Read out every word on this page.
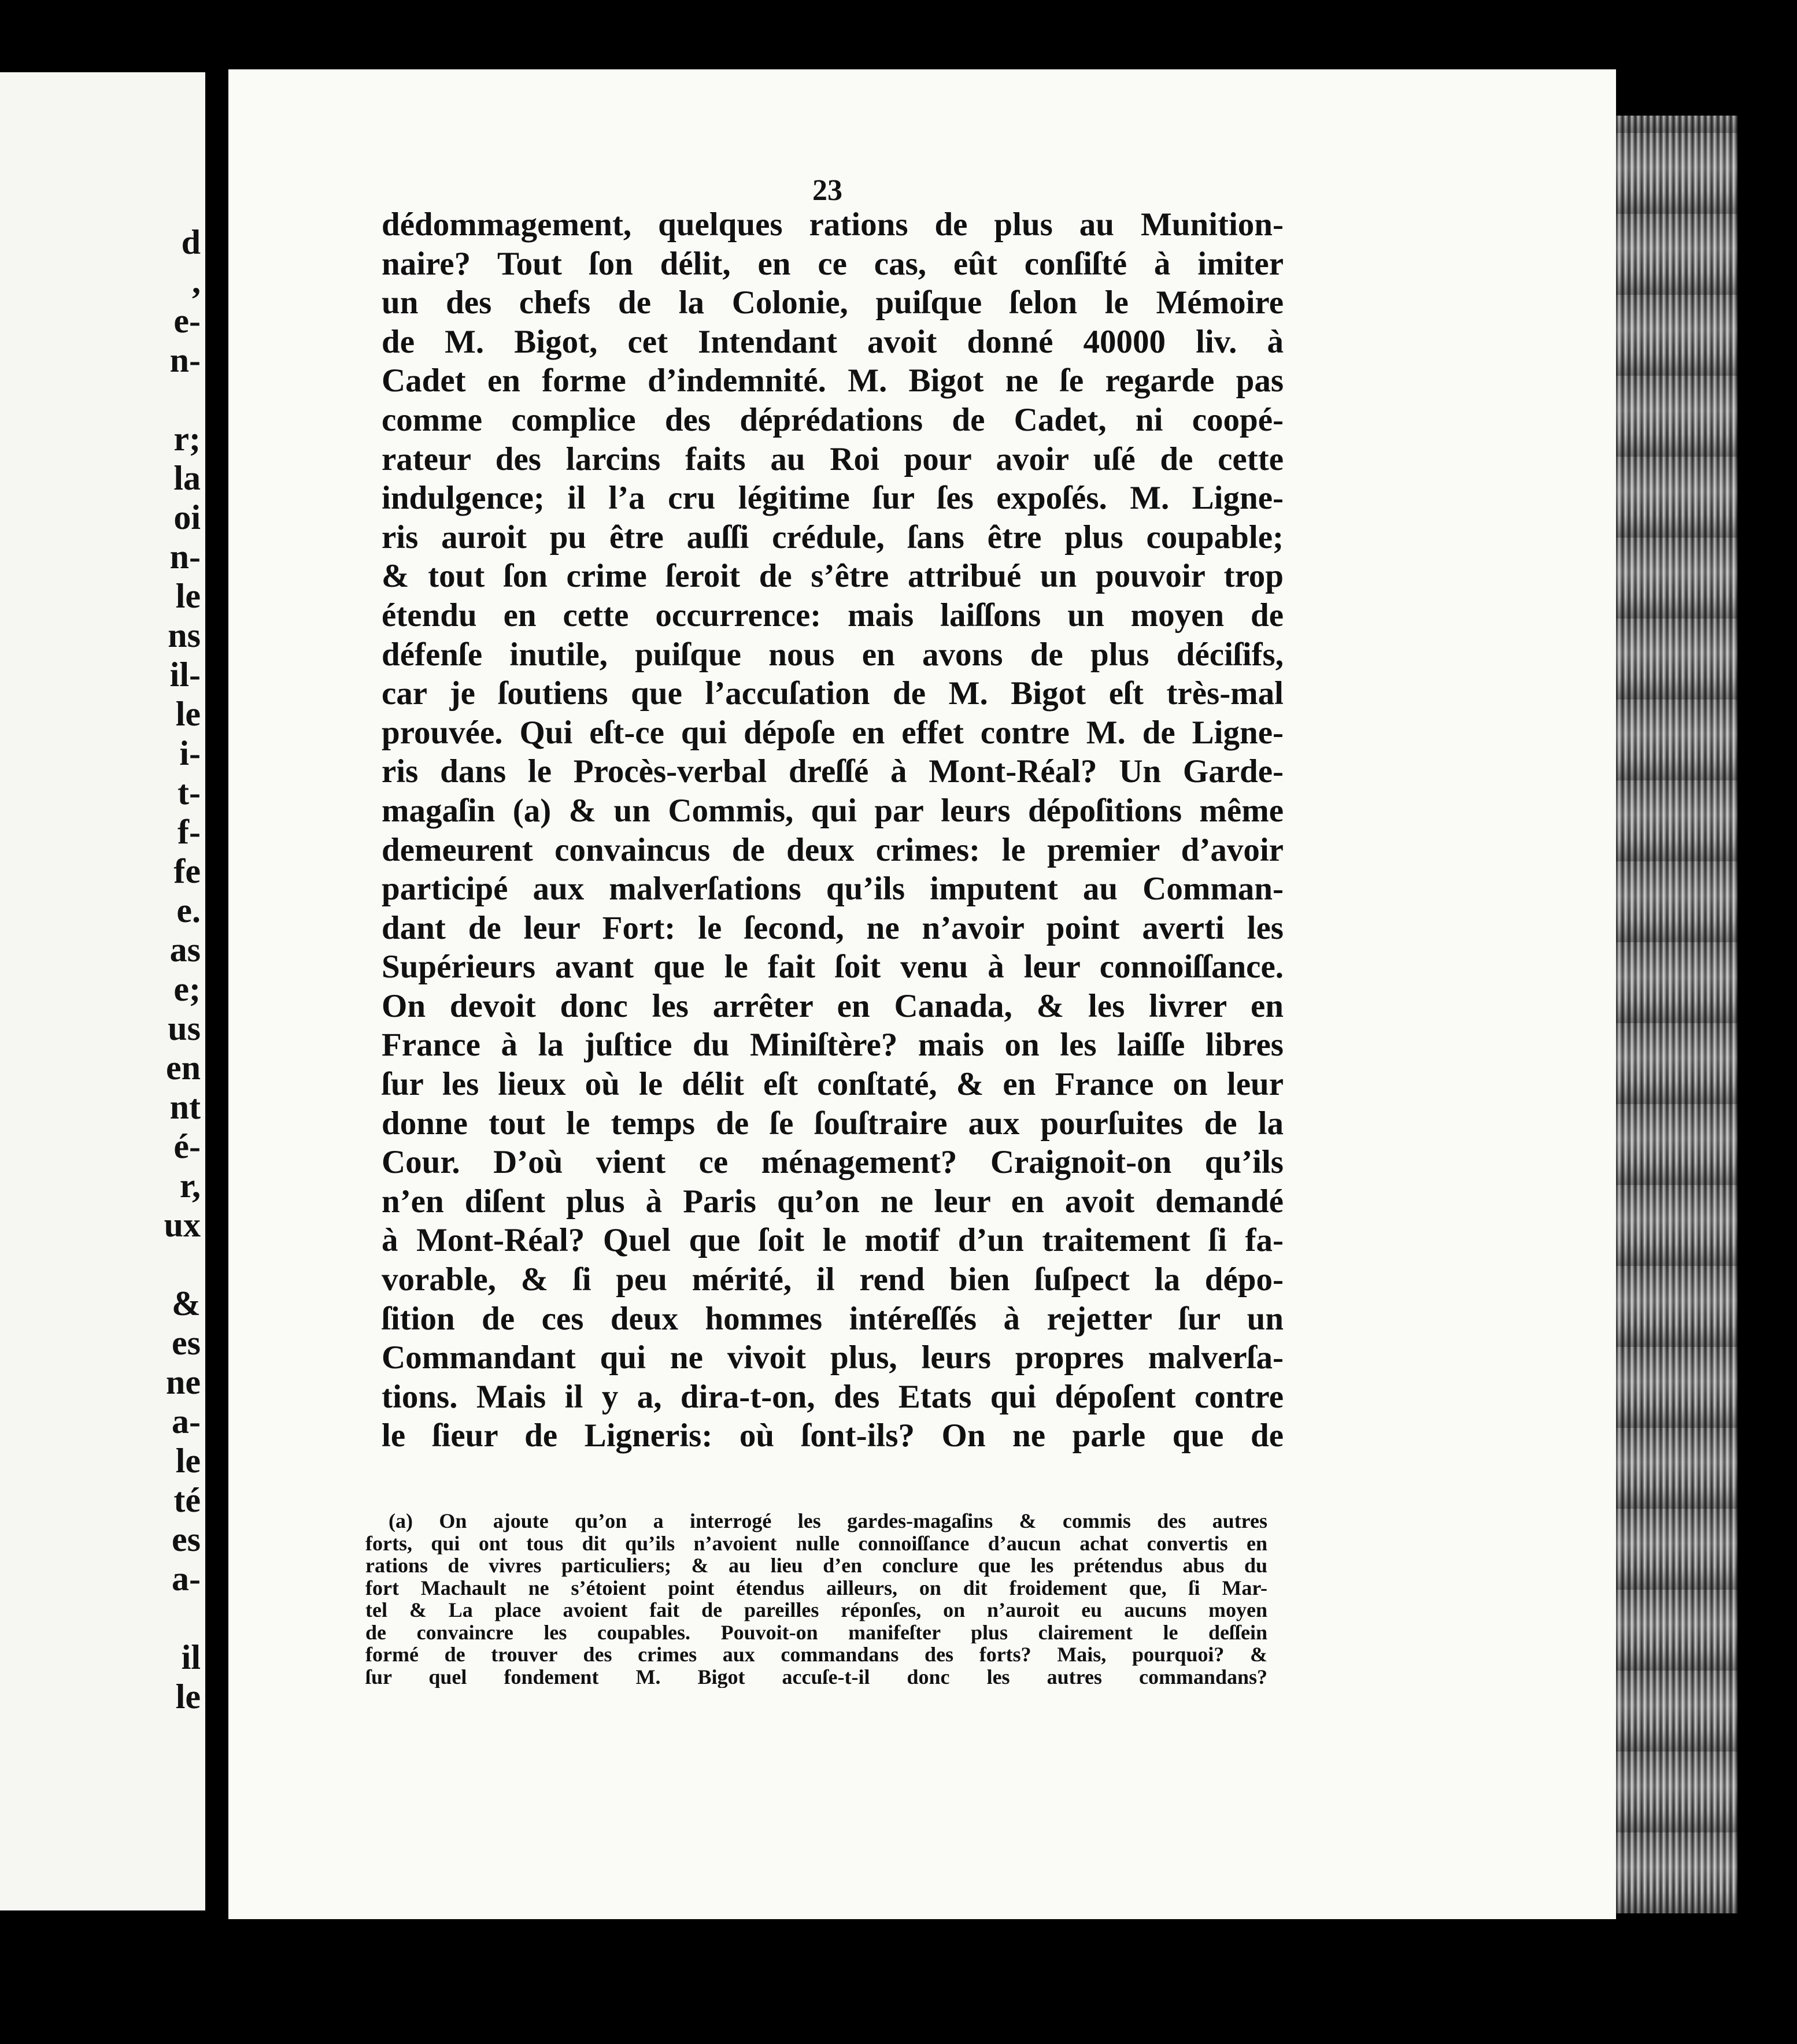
d
,
e-
n-
r;
la
oi
n-
le
ns
il-
le
i-
t-
f-
fe
e.
as
e;
us
en
nt
é-
r,
ux
&
es
ne
a-
le
té
es
a-
il
le
23
dédommagement, quelques rations de plus au Munition-
naire? Tout ſon délit, en ce cas, eût conſiſté à imiter
un des chefs de la Colonie, puiſque ſelon le Mémoire
de M. Bigot, cet Intendant avoit donné 40000 liv. à
Cadet en forme d’indemnité. M. Bigot ne ſe regarde pas
comme complice des déprédations de Cadet, ni coopé-
rateur des larcins faits au Roi pour avoir uſé de cette
indulgence; il l’a cru légitime ſur ſes expoſés. M. Ligne-
ris auroit pu être auſſi crédule, ſans être plus coupable;
& tout ſon crime ſeroit de s’être attribué un pouvoir trop
étendu en cette occurrence: mais laiſſons un moyen de
défenſe inutile, puiſque nous en avons de plus déciſifs,
car je ſoutiens que l’accuſation de M. Bigot eſt très-mal
prouvée. Qui eſt-ce qui dépoſe en effet contre M. de Ligne-
ris dans le Procès-verbal dreſſé à Mont-Réal? Un Garde-
magaſin (a) & un Commis, qui par leurs dépoſitions même
demeurent convaincus de deux crimes: le premier d’avoir
participé aux malverſations qu’ils imputent au Comman-
dant de leur Fort: le ſecond, ne n’avoir point averti les
Supérieurs avant que le fait ſoit venu à leur connoiſſance.
On devoit donc les arrêter en Canada, & les livrer en
France à la juſtice du Miniſtère? mais on les laiſſe libres
ſur les lieux où le délit eſt conſtaté, & en France on leur
donne tout le temps de ſe ſouſtraire aux pourſuites de la
Cour. D’où vient ce ménagement? Craignoit-on qu’ils
n’en diſent plus à Paris qu’on ne leur en avoit demandé
à Mont-Réal? Quel que ſoit le motif d’un traitement ſi fa-
vorable, & ſi peu mérité, il rend bien ſuſpect la dépo-
ſition de ces deux hommes intéreſſés à rejetter ſur un
Commandant qui ne vivoit plus, leurs propres malverſa-
tions. Mais il y a, dira-t-on, des Etats qui dépoſent contre
le ſieur de Ligneris: où ſont-ils? On ne parle que de
(a) On ajoute qu’on a interrogé les gardes-magaſins & commis des autres
forts, qui ont tous dit qu’ils n’avoient nulle connoiſſance d’aucun achat convertis en
rations de vivres particuliers; & au lieu d’en conclure que les prétendus abus du
fort Machault ne s’étoient point étendus ailleurs, on dit froidement que, ſi Mar-
tel & La place avoient fait de pareilles réponſes, on n’auroit eu aucuns moyen
de convaincre les coupables. Pouvoit-on manifeſter plus clairement le deſſein
formé de trouver des crimes aux commandans des forts? Mais, pourquoi? &
ſur quel fondement M. Bigot accuſe-t-il donc les autres commandans?
